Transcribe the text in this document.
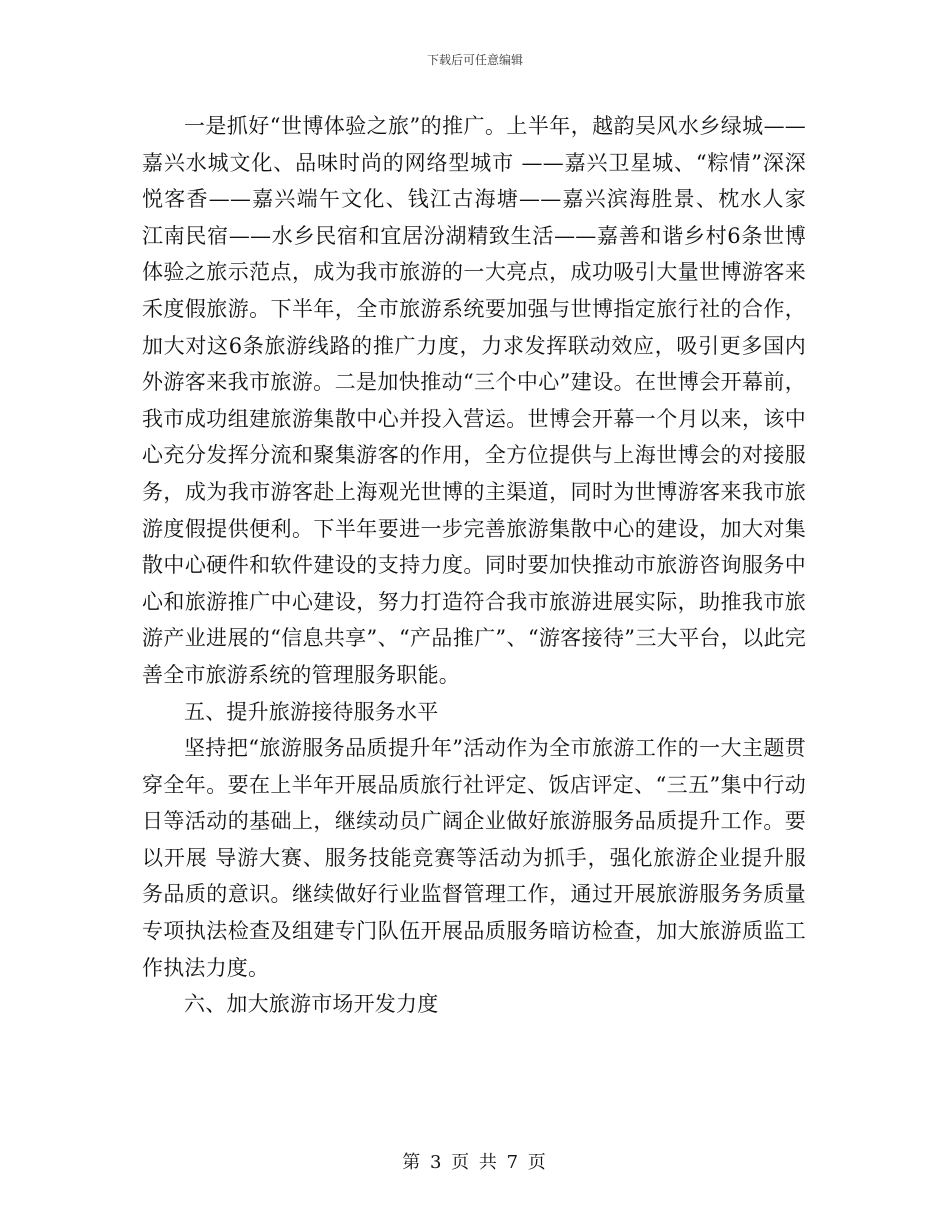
下载后可任意编辑

一是抓好“世博体验之旅”的推广。上半年，越韵吴风水乡绿城——嘉兴水城文化、品味时尚的网络型城市 ——嘉兴卫星城、“粽情”深深悦客香——嘉兴端午文化、钱江古海塘——嘉兴滨海胜景、枕水人家 江南民宿——水乡民宿和宜居汾湖精致生活——嘉善和谐乡村6条世博体验之旅示范点，成为我市旅游的一大亮点，成功吸引大量世博游客来禾度假旅游。下半年，全市旅游系统要加强与世博指定旅行社的合作，加大对这6条旅游线路的推广力度，力求发挥联动效应，吸引更多国内外游客来我市旅游。二是加快推动“三个中心”建设。在世博会开幕前，我市成功组建旅游集散中心并投入营运。世博会开幕一个月以来，该中心充分发挥分流和聚集游客的作用，全方位提供与上海世博会的对接服务，成为我市游客赴上海观光世博的主渠道，同时为世博游客来我市旅游度假提供便利。下半年要进一步完善旅游集散中心的建设，加大对集散中心硬件和软件建设的支持力度。同时要加快推动市旅游咨询服务中心和旅游推广中心建设，努力打造符合我市旅游进展实际，助推我市旅游产业进展的“信息共享”、“产品推广”、“游客接待”三大平台，以此完善全市旅游系统的管理服务职能。

五、提升旅游接待服务水平

坚持把“旅游服务品质提升年”活动作为全市旅游工作的一大主题贯穿全年。要在上半年开展品质旅行社评定、饭店评定、“三五”集中行动日等活动的基础上，继续动员广阔企业做好旅游服务品质提升工作。要以开展 导游大赛、服务技能竞赛等活动为抓手，强化旅游企业提升服务品质的意识。继续做好行业监督管理工作，通过开展旅游服务务质量专项执法检查及组建专门队伍开展品质服务暗访检查，加大旅游质监工作执法力度。

六、加大旅游市场开发力度

第 3 页 共 7 页
